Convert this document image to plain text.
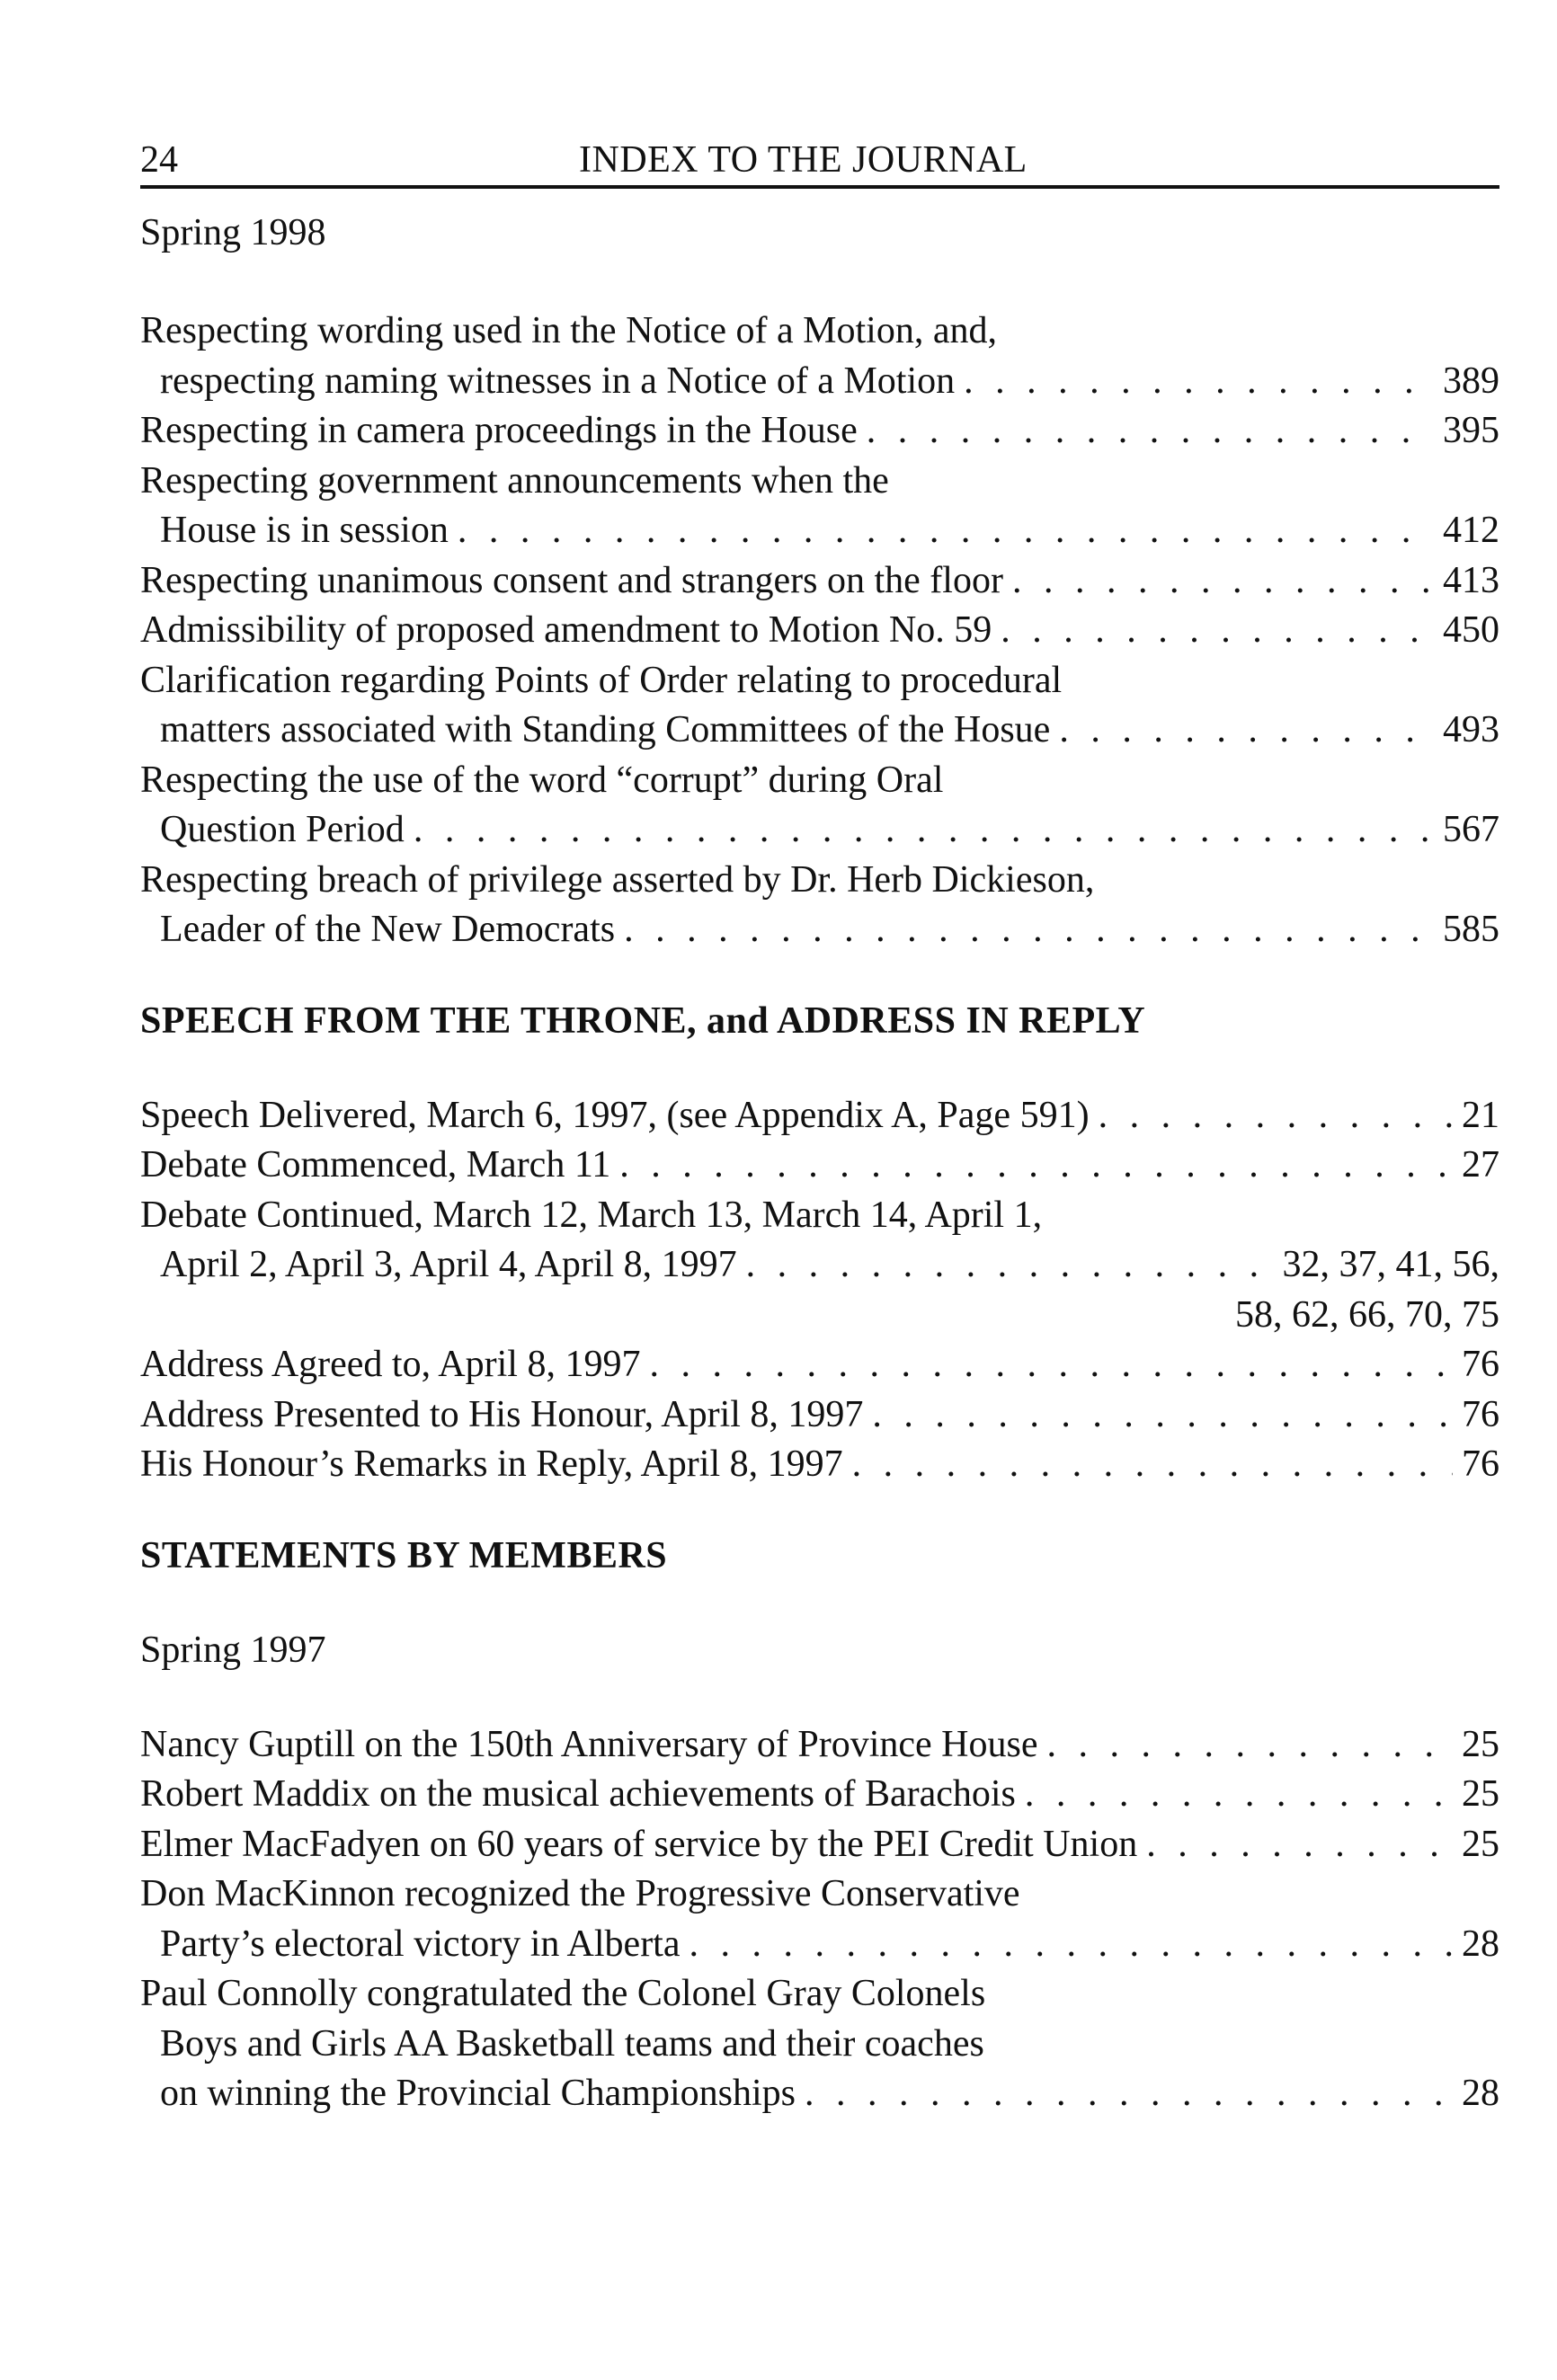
24	INDEX TO THE JOURNAL

Spring 1998

Respecting wording used in the Notice of a Motion, and,
respecting naming witnesses in a Notice of a Motion . . .	389
Respecting in camera proceedings in the House . . .	395
Respecting government announcements when the
House is in session . . .	412
Respecting unanimous consent and strangers on the floor . . .	413
Admissibility of proposed amendment to Motion No. 59 . . .	450
Clarification regarding Points of Order relating to procedural
matters associated with Standing Committees of the Hosue . . .	493
Respecting the use of the word “corrupt” during Oral
Question Period . . .	567
Respecting breach of privilege asserted by Dr. Herb Dickieson,
Leader of the New Democrats . . .	585

SPEECH FROM THE THRONE, and ADDRESS IN REPLY

Speech Delivered, March 6, 1997, (see Appendix A, Page 591) . . .	21
Debate Commenced, March 11 . . .	27
Debate Continued, March 12, March 13, March 14, April 1,
April 2, April 3, April 4, April 8, 1997 . . .	32, 37, 41, 56,
58, 62, 66, 70, 75
Address Agreed to, April 8, 1997 . . .	76
Address Presented to His Honour, April 8, 1997 . . .	76
His Honour’s Remarks in Reply, April 8, 1997 . . .	76

STATEMENTS BY MEMBERS

Spring 1997

Nancy Guptill on the 150th Anniversary of Province House . . .	25
Robert Maddix on the musical achievements of Barachois . . .	25
Elmer MacFadyen on 60 years of service by the PEI Credit Union . . .	25
Don MacKinnon recognized the Progressive Conservative
Party’s electoral victory in Alberta . . .	28
Paul Connolly congratulated the Colonel Gray Colonels
Boys and Girls AA Basketball teams and their coaches
on winning the Provincial Championships . . .	28
